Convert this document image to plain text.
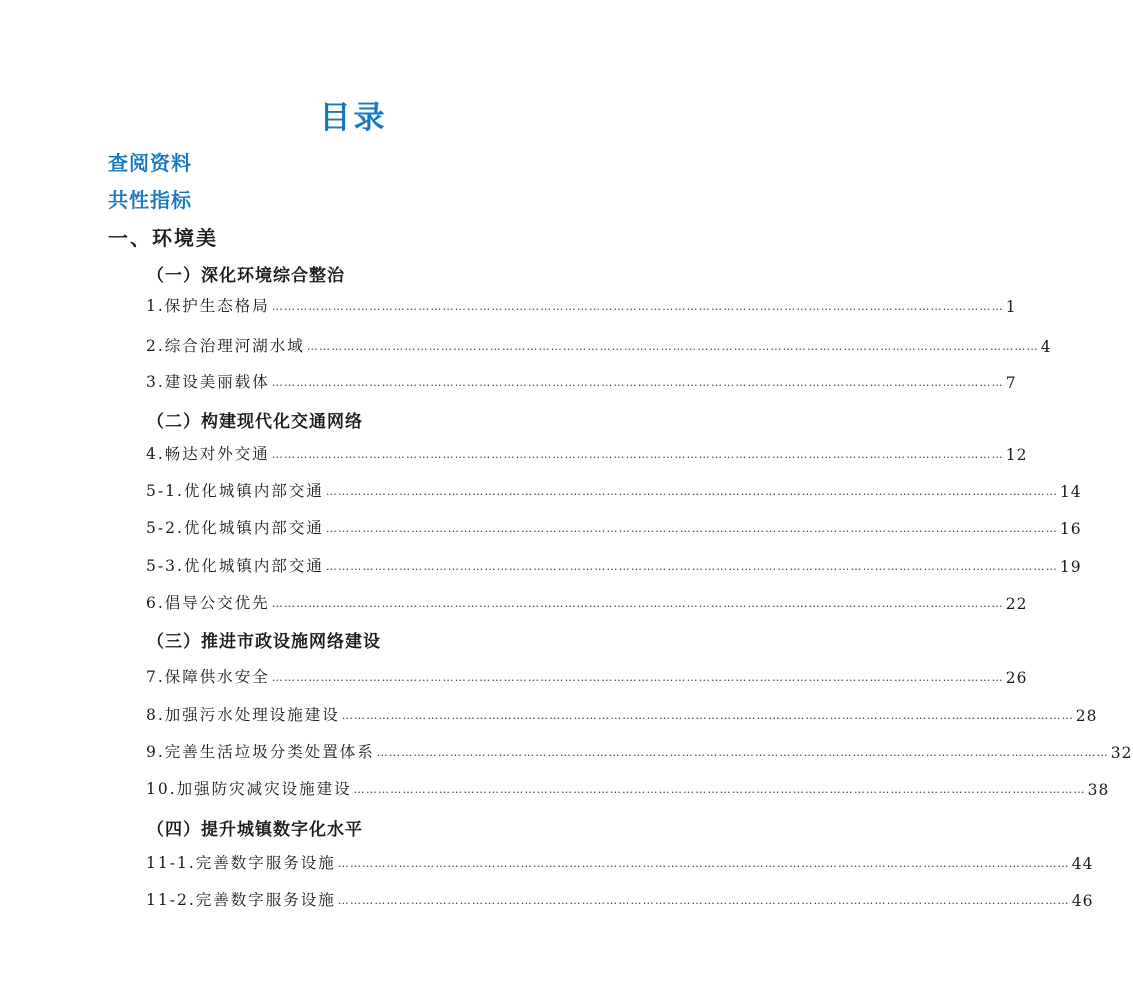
目录
查阅资料
共性指标
一、环境美
（一）深化环境综合整治
1.保护生态格局 ……………………………………………………………………………………………………………………………………………………………… 1
2.综合治理河湖水域 ……………………………………………………………………………………………………………………………………………………………… 4
3.建设美丽载体 ……………………………………………………………………………………………………………………………………………………………… 7
（二）构建现代化交通网络
4.畅达对外交通 ……………………………………………………………………………………………………………………………………………………………… 12
5-1.优化城镇内部交通 ……………………………………………………………………………………………………………………………………………………………… 14
5-2.优化城镇内部交通 ……………………………………………………………………………………………………………………………………………………………… 16
5-3.优化城镇内部交通 ……………………………………………………………………………………………………………………………………………………………… 19
6.倡导公交优先 ……………………………………………………………………………………………………………………………………………………………… 22
（三）推进市政设施网络建设
7.保障供水安全 ……………………………………………………………………………………………………………………………………………………………… 26
8.加强污水处理设施建设 ……………………………………………………………………………………………………………………………………………………………… 28
9.完善生活垃圾分类处置体系 ……………………………………………………………………………………………………………………………………………………………… 32
10.加强防灾减灾设施建设 ……………………………………………………………………………………………………………………………………………………………… 38
（四）提升城镇数字化水平
11-1.完善数字服务设施 ……………………………………………………………………………………………………………………………………………………………… 44
11-2.完善数字服务设施 ……………………………………………………………………………………………………………………………………………………………… 46
